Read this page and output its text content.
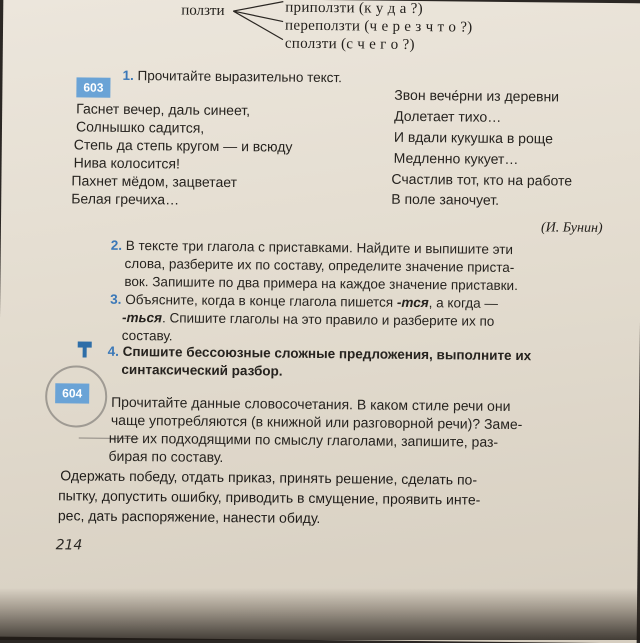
ползти	приползти (к у д а ?)
переползти (ч е р е з ч т о ?)
сползти (с ч е г о ?)
603
1. Прочитайте выразительно текст.
Гаснет вечер, даль синеет,
Солнышко садится,
Степь да степь кругом — и всюду
Нива колосится!
Пахнет мёдом, зацветает
Белая гречиха…
Звон вече́рни из деревни
Долетает тихо…
И вдали кукушка в роще
Медленно кукует…
Счастлив тот, кто на работе
В поле заночует.
(И. Бунин)
2. В тексте три глагола с приставками. Найдите и выпишите эти
слова, разберите их по составу, определите значение приста-
вок. Запишите по два примера на каждое значение приставки.
3. Объясните, когда в конце глагола пишется -тся, а когда —
-ться. Спишите глаголы на это правило и разберите их по
составу.
4. Спишите бессоюзные сложные предложения, выполните их
синтаксический разбор.
604
Прочитайте данные словосочетания. В каком стиле речи они
чаще употребляются (в книжной или разговорной речи)? Заме-
ните их подходящими по смыслу глаголами, запишите, раз-
бирая по составу.
Одержать победу, отдать приказ, принять решение, сделать по-
пытку, допустить ошибку, приводить в смущение, проявить инте-
рес, дать распоряжение, нанести обиду.
214
